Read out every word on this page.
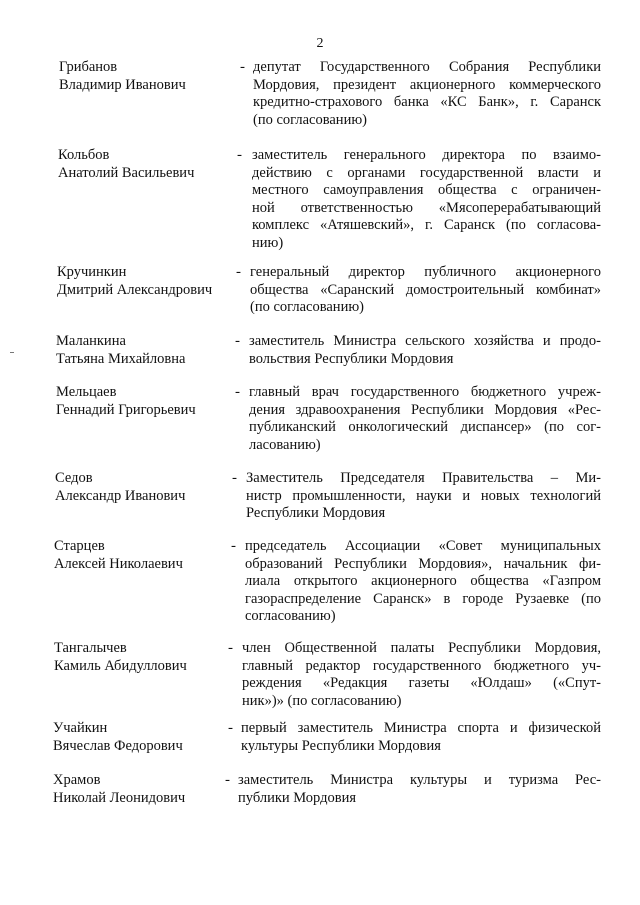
2
Грибанов
Владимир Иванович
- депутат Государственного Собрания Республики
Мордовия, президент акционерного коммерческого
кредитно-страхового банка «КС Банк», г. Саранск
(по согласованию)
Кольбов
Анатолий Васильевич
- заместитель генерального директора по взаимо-
действию с органами государственной власти и
местного самоуправления общества с ограничен-
ной ответственностью «Мясоперерабатывающий
комплекс «Атяшевский», г. Саранск (по согласова-
нию)
Кручинкин
Дмитрий Александрович
- генеральный директор публичного акционерного
общества «Саранский домостроительный комбинат»
(по согласованию)
Маланкина
Татьяна Михайловна
- заместитель Министра сельского хозяйства и продо-
вольствия Республики Мордовия
Мельцаев
Геннадий Григорьевич
- главный врач государственного бюджетного учреж-
дения здравоохранения Республики Мордовия «Рес-
публиканский онкологический диспансер» (по сог-
ласованию)
Седов
Александр Иванович
- Заместитель Председателя Правительства – Ми-
нистр промышленности, науки и новых технологий
Республики Мордовия
Старцев
Алексей Николаевич
- председатель Ассоциации «Совет муниципальных
образований Республики Мордовия», начальник фи-
лиала открытого акционерного общества «Газпром
газораспределение Саранск» в городе Рузаевке (по
согласованию)
Тангалычев
Камиль Абидуллович
- член Общественной палаты Республики Мордовия,
главный редактор государственного бюджетного уч-
реждения «Редакция газеты «Юлдаш» («Спут-
ник»)» (по согласованию)
Учайкин
Вячеслав Федорович
- первый заместитель Министра спорта и физической
культуры Республики Мордовия
Храмов
Николай Леонидович
- заместитель Министра культуры и туризма Рес-
публики Мордовия
